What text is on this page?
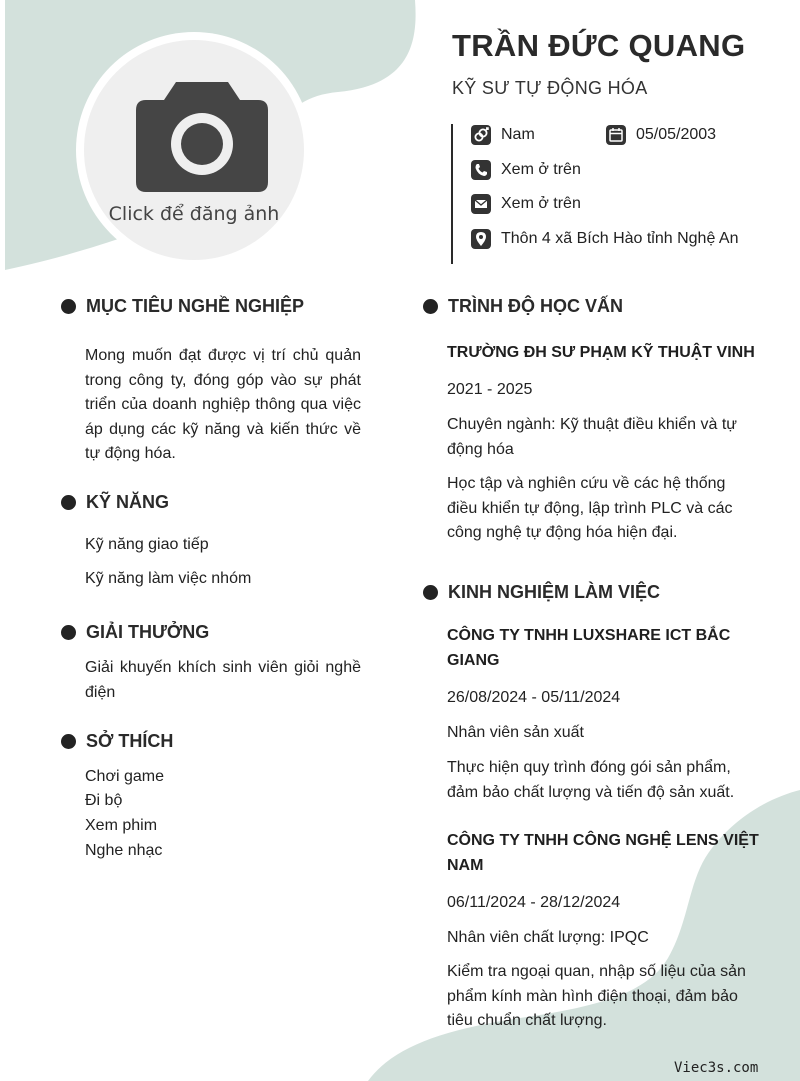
Click để đăng ảnh
TRẦN ĐỨC QUANG
KỸ SƯ TỰ ĐỘNG HÓA
Nam	05/05/2003
Xem ở trên
Xem ở trên
Thôn 4 xã Bích Hào tỉnh Nghệ An
MỤC TIÊU NGHỀ NGHIỆP
Mong muốn đạt được vị trí chủ quản trong công ty, đóng góp vào sự phát triển của doanh nghiệp thông qua việc áp dụng các kỹ năng và kiến thức về tự động hóa.
KỸ NĂNG
Kỹ năng giao tiếp
Kỹ năng làm việc nhóm
GIẢI THƯỞNG
Giải khuyến khích sinh viên giỏi nghề điện
SỞ THÍCH
Chơi game
Đi bộ
Xem phim
Nghe nhạc
TRÌNH ĐỘ HỌC VẤN
TRƯỜNG ĐH SƯ PHẠM KỸ THUẬT VINH
2021 - 2025
Chuyên ngành: Kỹ thuật điều khiển và tự động hóa
Học tập và nghiên cứu về các hệ thống điều khiển tự động, lập trình PLC và các công nghệ tự động hóa hiện đại.
KINH NGHIỆM LÀM VIỆC
CÔNG TY TNHH LUXSHARE ICT BẮC GIANG
26/08/2024 - 05/11/2024
Nhân viên sản xuất
Thực hiện quy trình đóng gói sản phẩm, đảm bảo chất lượng và tiến độ sản xuất.
CÔNG TY TNHH CÔNG NGHỆ LENS VIỆT NAM
06/11/2024 - 28/12/2024
Nhân viên chất lượng: IPQC
Kiểm tra ngoại quan, nhập số liệu của sản phẩm kính màn hình điện thoại, đảm bảo tiêu chuẩn chất lượng.
Viec3s.com
